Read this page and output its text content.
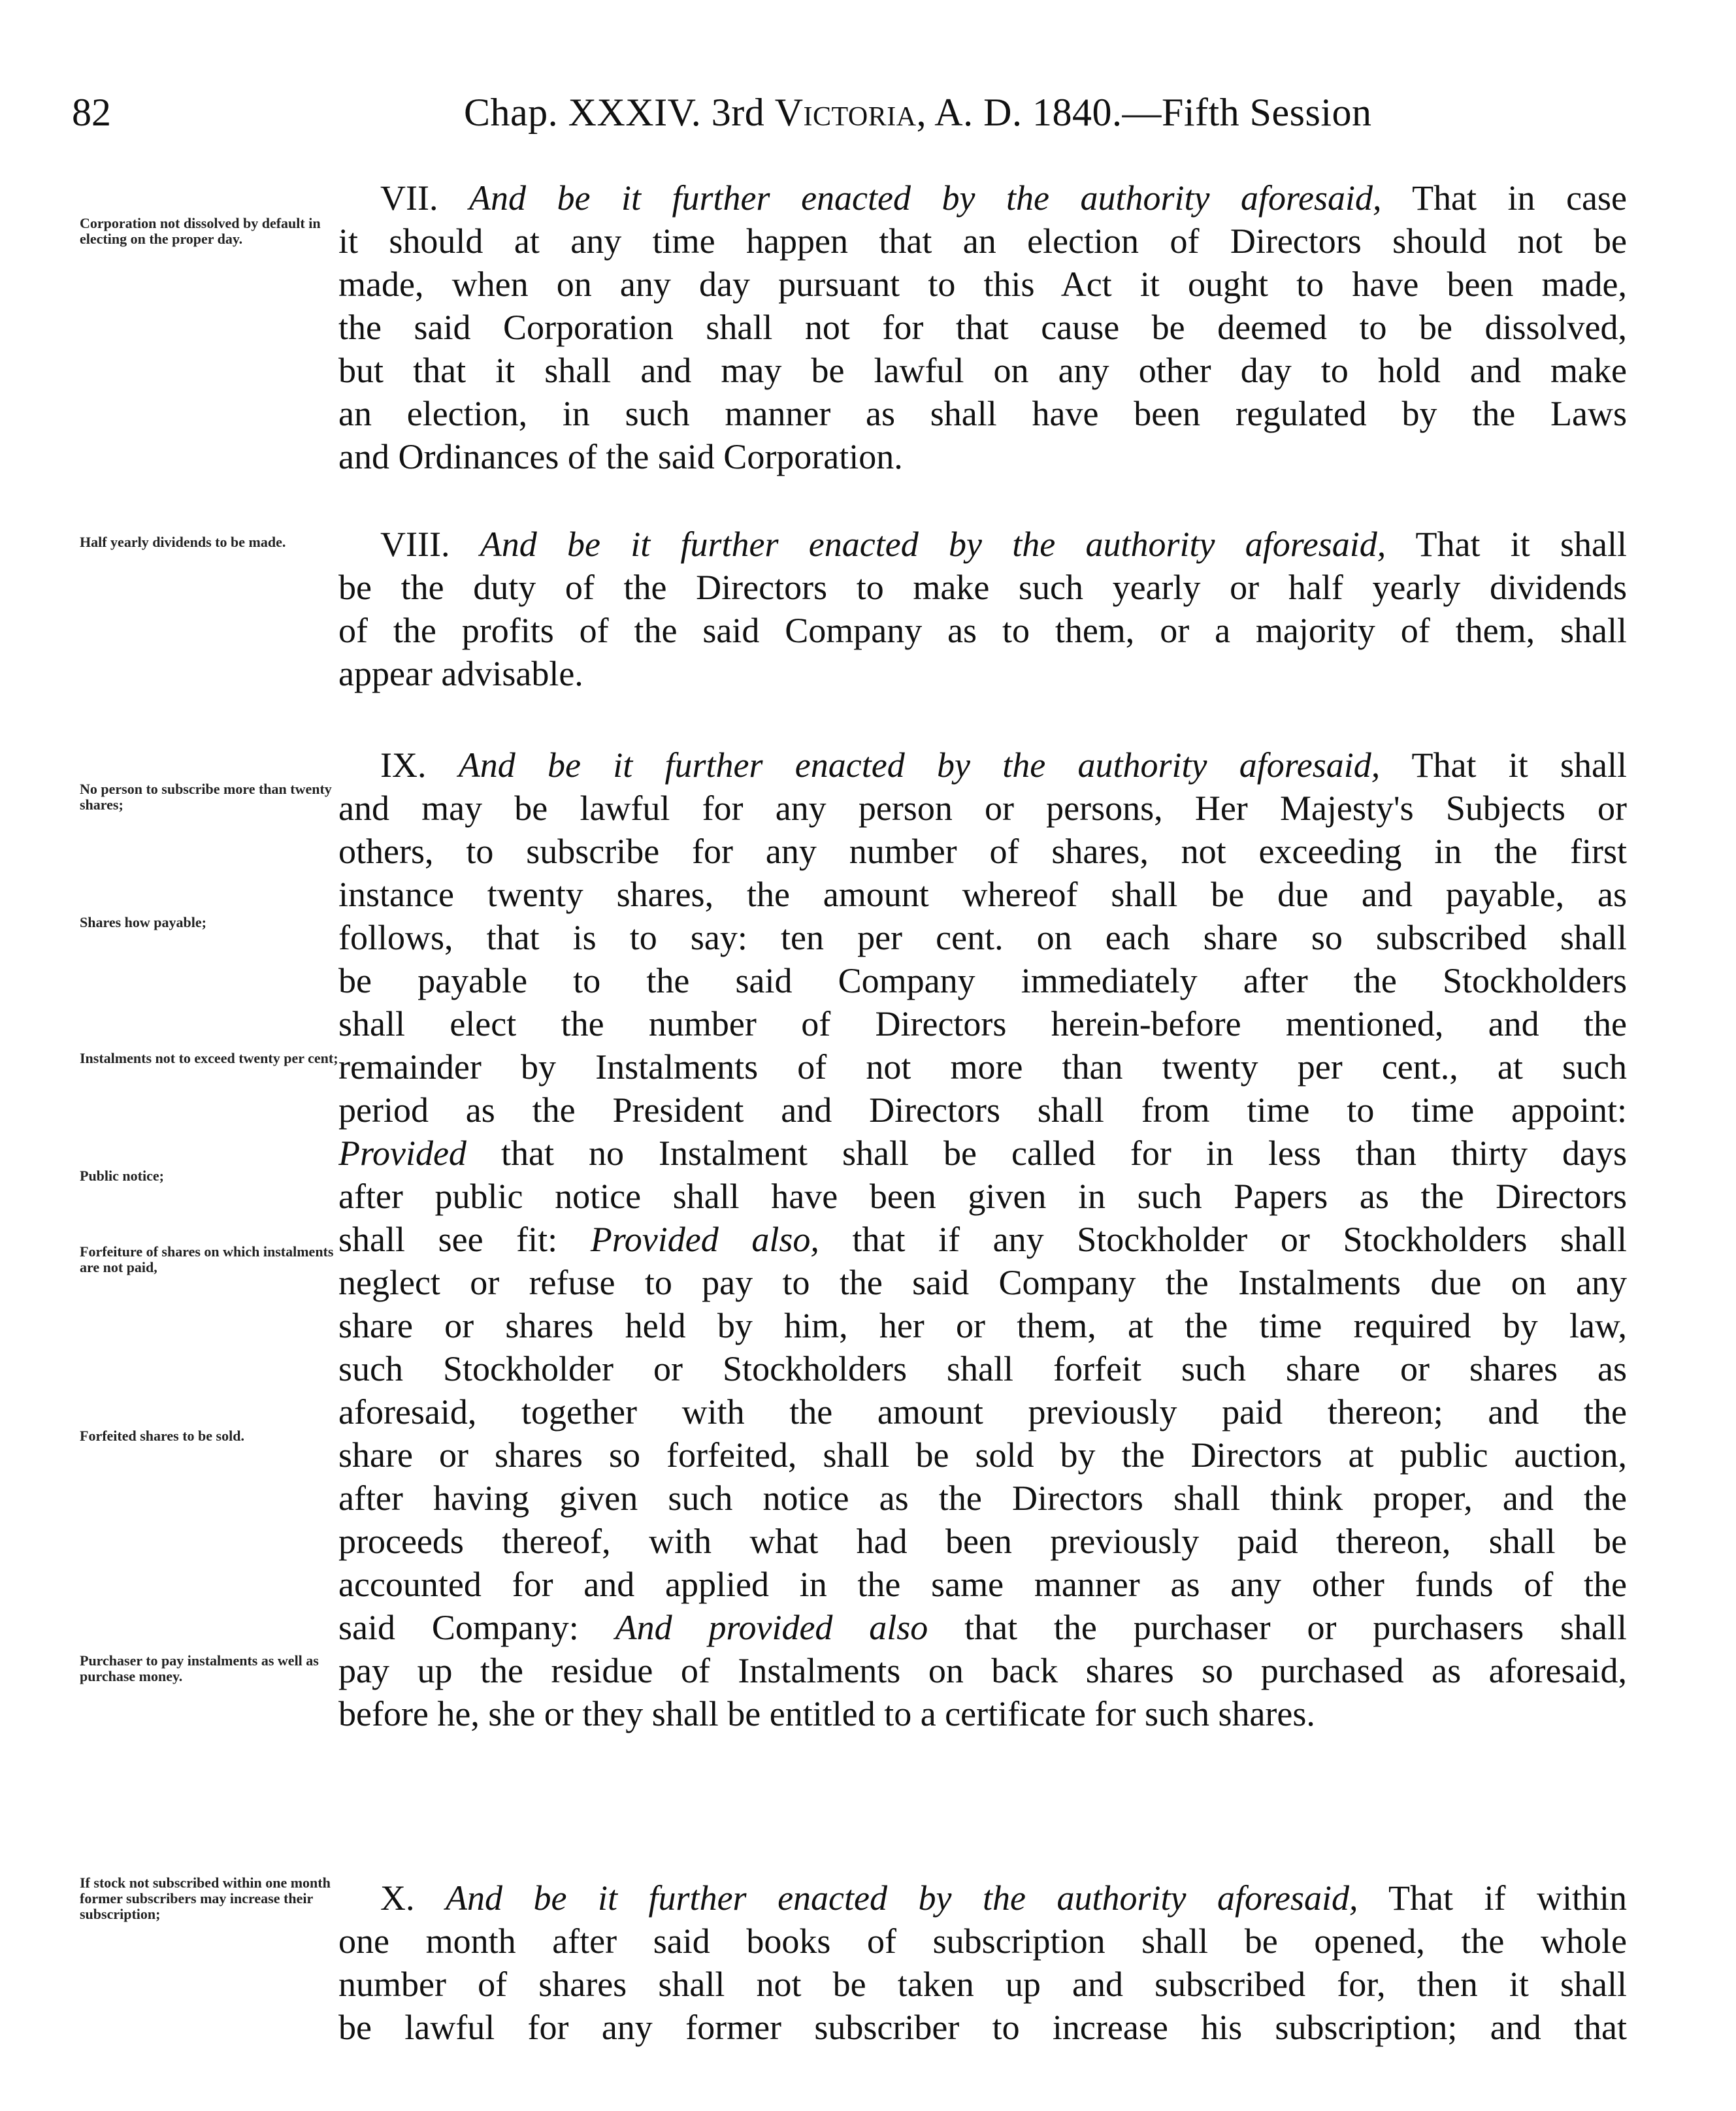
82	Chap. XXXIV. 3rd Victoria, A. D. 1840.—Fifth Session
VII. And be it further enacted by the authority aforesaid, That in case
it should at any time happen that an election of Directors should not be
made, when on any day pursuant to this Act it ought to have been made,
the said Corporation shall not for that cause be deemed to be dissolved,
but that it shall and may be lawful on any other day to hold and make
an election, in such manner as shall have been regulated by the Laws
and Ordinances of the said Corporation.
VIII. And be it further enacted by the authority aforesaid, That it shall
be the duty of the Directors to make such yearly or half yearly dividends
of the profits of the said Company as to them, or a majority of them, shall
appear advisable.
IX. And be it further enacted by the authority aforesaid, That it shall
and may be lawful for any person or persons, Her Majesty's Subjects or
others, to subscribe for any number of shares, not exceeding in the first
instance twenty shares, the amount whereof shall be due and payable, as
follows, that is to say: ten per cent. on each share so subscribed shall
be payable to the said Company immediately after the Stockholders
shall elect the number of Directors herein-before mentioned, and the
remainder by Instalments of not more than twenty per cent., at such
period as the President and Directors shall from time to time appoint:
Provided that no Instalment shall be called for in less than thirty days
after public notice shall have been given in such Papers as the Directors
shall see fit: Provided also, that if any Stockholder or Stockholders shall
neglect or refuse to pay to the said Company the Instalments due on any
share or shares held by him, her or them, at the time required by law,
such Stockholder or Stockholders shall forfeit such share or shares as
aforesaid, together with the amount previously paid thereon; and the
share or shares so forfeited, shall be sold by the Directors at public auction,
after having given such notice as the Directors shall think proper, and the
proceeds thereof, with what had been previously paid thereon, shall be
accounted for and applied in the same manner as any other funds of the
said Company: And provided also that the purchaser or purchasers shall
pay up the residue of Instalments on back shares so purchased as aforesaid,
before he, she or they shall be entitled to a certificate for such shares.
X. And be it further enacted by the authority aforesaid, That if within
one month after said books of subscription shall be opened, the whole
number of shares shall not be taken up and subscribed for, then it shall
be lawful for any former subscriber to increase his subscription; and that
Corporation not dissolved by default in electing on the proper day.
Half yearly dividends to be made.
No person to subscribe more than twenty shares;
Shares how payable;
Instalments not to exceed twenty per cent;
Public notice;
Forfeiture of shares on which instalments are not paid,
Forfeited shares to be sold.
Purchaser to pay instalments as well as purchase money.
If stock not subscribed within one month former subscribers may increase their subscription;
